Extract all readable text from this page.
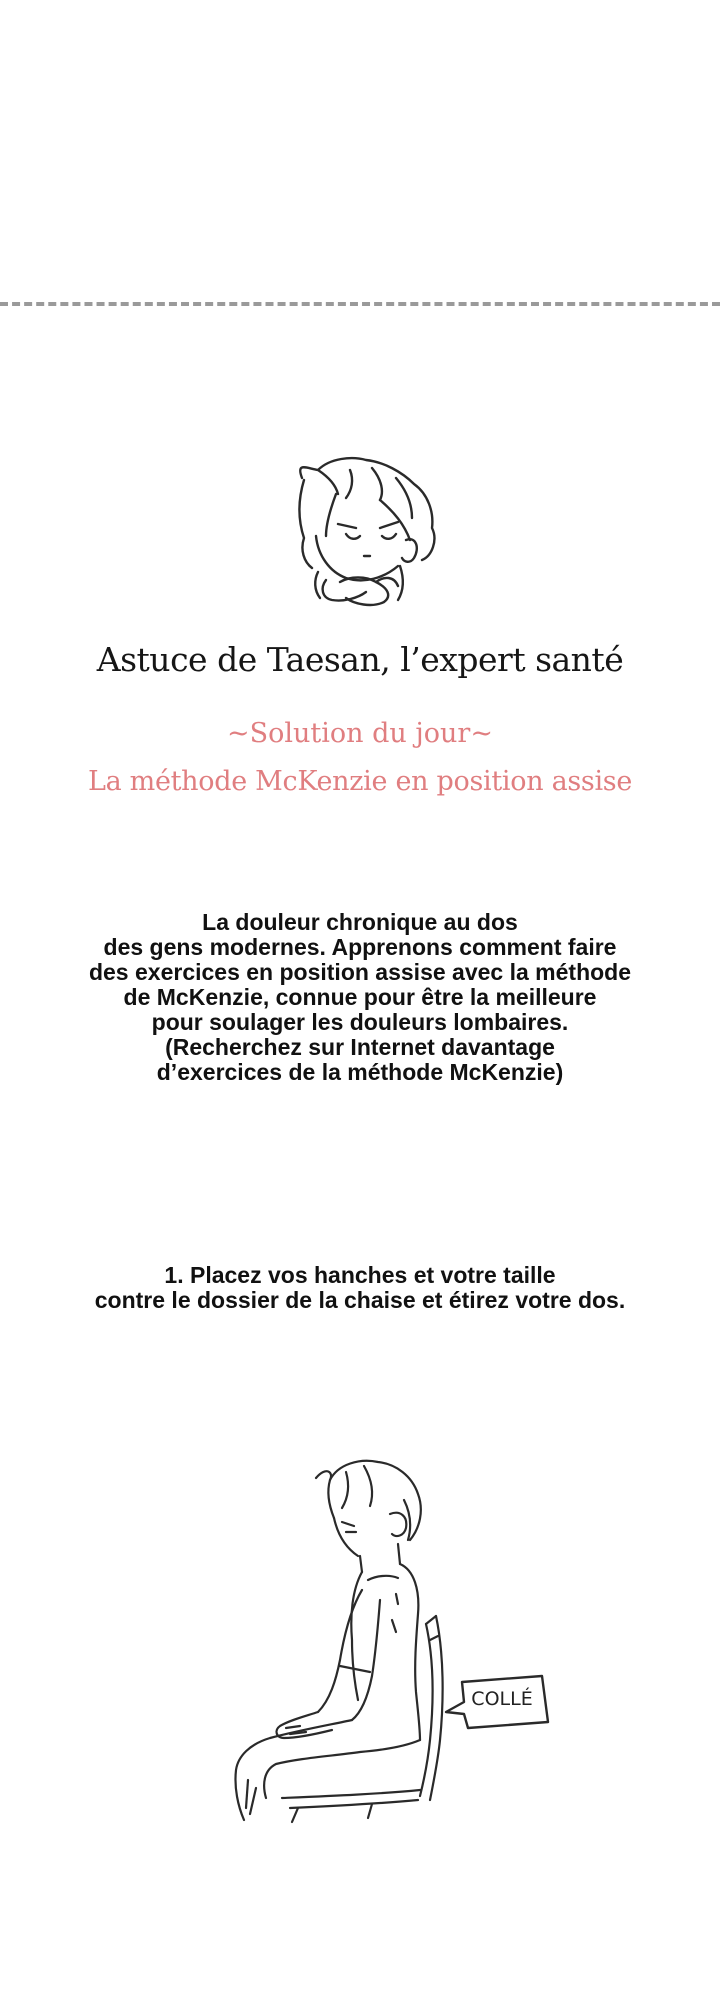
Astuce de Taesan, l’expert santé
~Solution du jour~
La méthode McKenzie en position assise
La douleur chronique au dos
des gens modernes. Apprenons comment faire
des exercices en position assise avec la méthode
de McKenzie, connue pour être la meilleure
pour soulager les douleurs lombaires.
(Recherchez sur Internet davantage
d’exercices de la méthode McKenzie)
1. Placez vos hanches et votre taille
contre le dossier de la chaise et étirez votre dos.
COLLÉ
